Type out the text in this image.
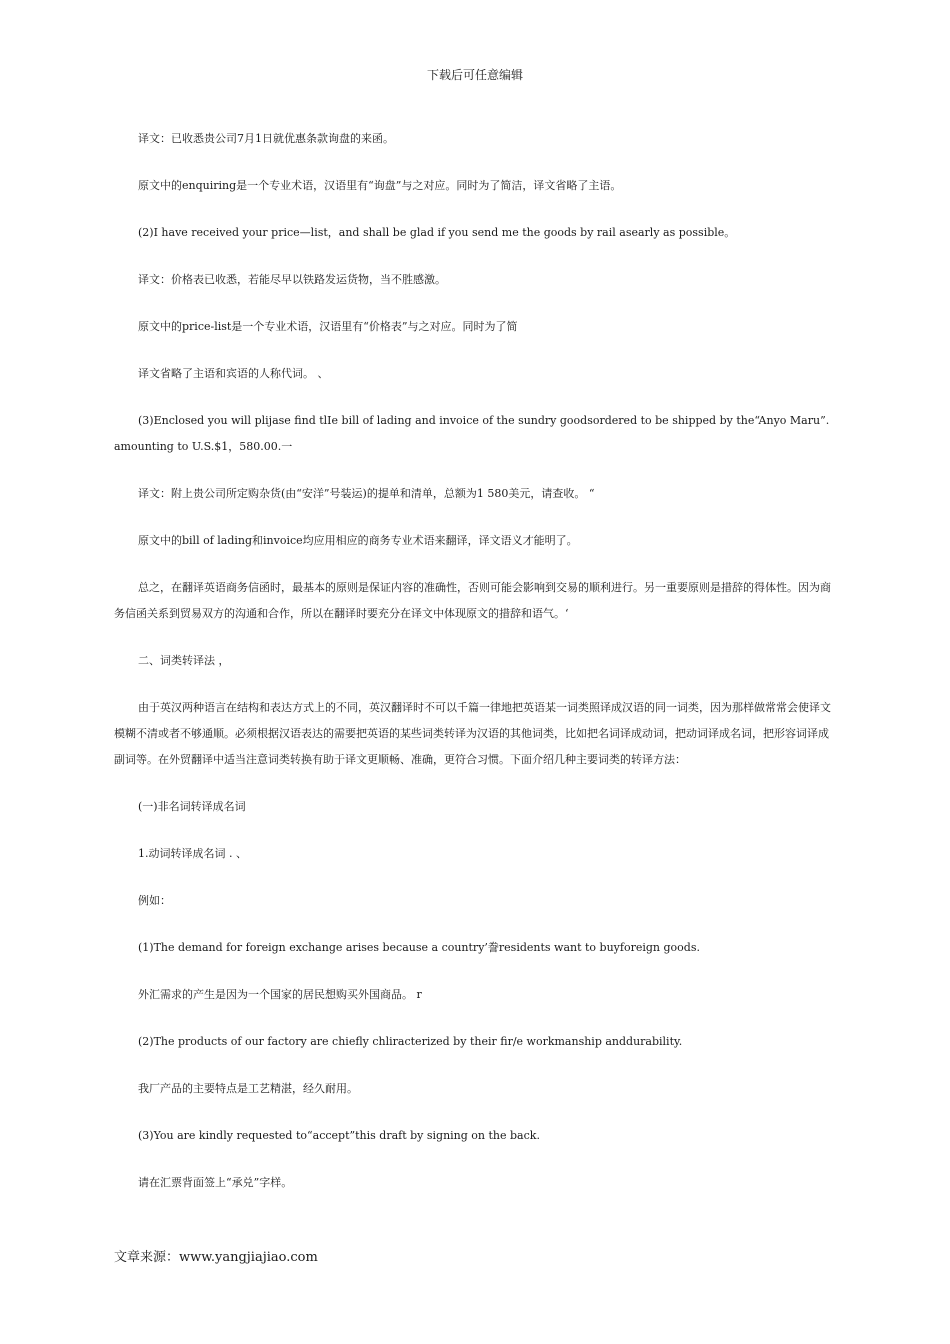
下载后可任意编辑

译文：已收悉贵公司7月1日就优惠条款询盘的来函。

原文中的enquiring是一个专业术语，汉语里有“询盘”与之对应。同时为了简洁，译文省略了主语。

(2)I have received your price—list，and shall be glad if you send me the goods by rail asearly as possible。

译文：价格表已收悉，若能尽早以铁路发运货物，当不胜感激。

原文中的price-list是一个专业术语，汉语里有“价格表”与之对应。同时为了简

译文省略了主语和宾语的人称代词。 、

(3)Enclosed you will plijase find tlIe bill of lading and invoice of the sundry goodsordered to be shipped by the“Anyo Maru”.amounting to U.S.$1，580.00.一

译文：附上贵公司所定购杂货(由“安洋”号装运)的提单和清单，总额为1 580美元，请查收。 “

原文中的bill of lading和invoice均应用相应的商务专业术语来翻译，译文语义才能明了。

总之，在翻译英语商务信函时，最基本的原则是保证内容的准确性，否则可能会影响到交易的顺利进行。另一重要原则是措辞的得体性。因为商务信函关系到贸易双方的沟通和合作，所以在翻译时要充分在译文中体现原文的措辞和语气。‘

二、词类转译法 ，

由于英汉两种语言在结构和表达方式上的不同，英汉翻译时不可以千篇一律地把英语某一词类照译成汉语的同一词类，因为那样做常常会使译文模糊不清或者不够通顺。必须根据汉语表达的需要把英语的某些词类转译为汉语的其他词类，比如把名词译成动词，把动词译成名词，把形容词译成副词等。在外贸翻译中适当注意词类转换有助于译文更顺畅、准确，更符合习惯。下面介绍几种主要词类的转译方法：

(一)非名词转译成名词

1.动词转译成名词 . 、

例如：

(1)The demand for foreign exchange arises because a country’誊residents want to buyforeign goods.

外汇需求的产生是因为一个国家的居民想购买外国商品。 r

(2)The products of our factory are chiefly chliracterized by their fir/e workmanship anddurability.

我厂产品的主要特点是工艺精湛，经久耐用。

(3)You are kindly requested to“accept”this draft by signing on the back.

请在汇票背面签上“承兑”字样。

文章来源：www.yangjiajiao.com
